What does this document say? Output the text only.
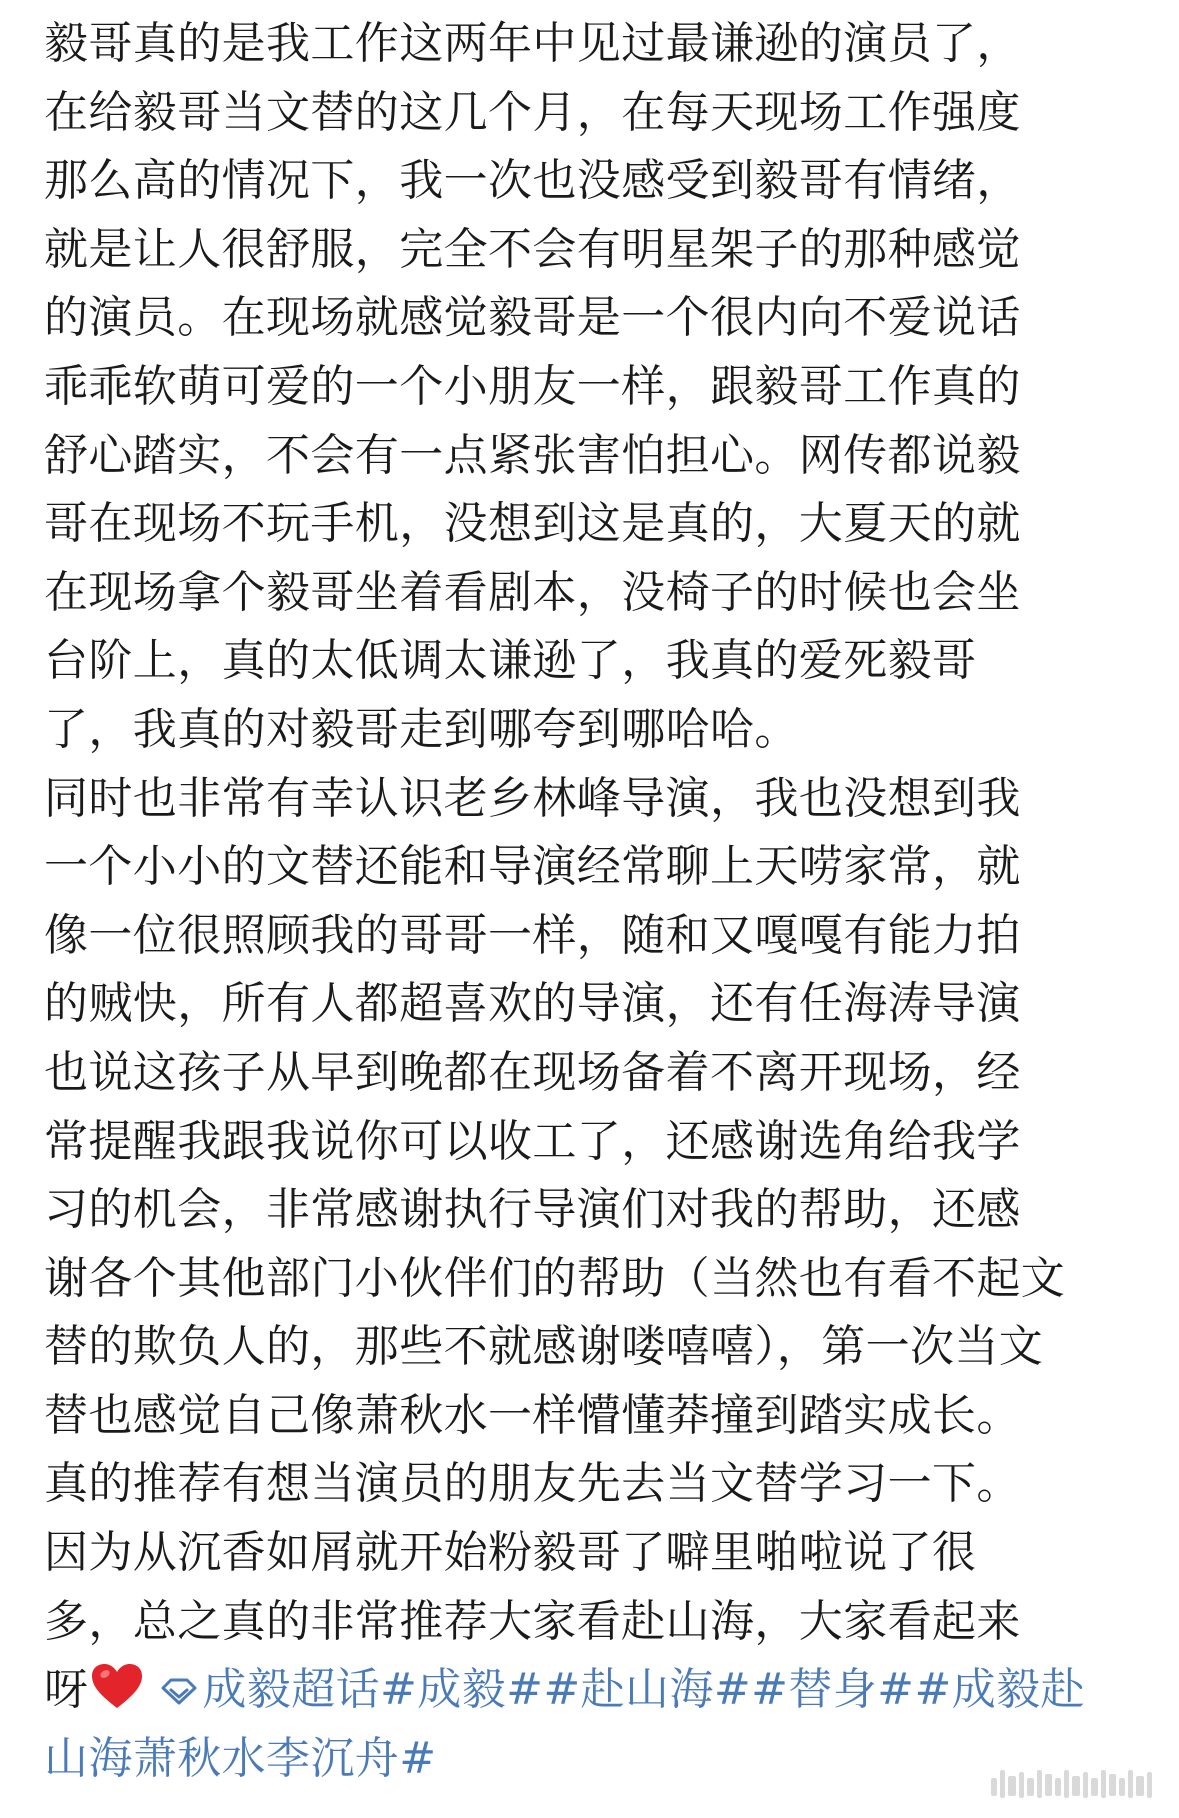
毅哥真的是我工作这两年中见过最谦逊的演员了，
在给毅哥当文替的这几个月，在每天现场工作强度
那么高的情况下，我一次也没感受到毅哥有情绪，
就是让人很舒服，完全不会有明星架子的那种感觉
的演员。在现场就感觉毅哥是一个很内向不爱说话
乖乖软萌可爱的一个小朋友一样，跟毅哥工作真的
舒心踏实，不会有一点紧张害怕担心。网传都说毅
哥在现场不玩手机，没想到这是真的，大夏天的就
在现场拿个毅哥坐着看剧本，没椅子的时候也会坐
台阶上，真的太低调太谦逊了，我真的爱死毅哥
了，我真的对毅哥走到哪夸到哪哈哈。
同时也非常有幸认识老乡林峰导演，我也没想到我
一个小小的文替还能和导演经常聊上天唠家常，就
像一位很照顾我的哥哥一样，随和又嘎嘎有能力拍
的贼快，所有人都超喜欢的导演，还有任海涛导演
也说这孩子从早到晚都在现场备着不离开现场，经
常提醒我跟我说你可以收工了，还感谢选角给我学
习的机会，非常感谢执行导演们对我的帮助，还感
谢各个其他部门小伙伴们的帮助（当然也有看不起文
替的欺负人的，那些不就感谢喽嘻嘻），第一次当文
替也感觉自己像萧秋水一样懵懂莽撞到踏实成长。
真的推荐有想当演员的朋友先去当文替学习一下。
因为从沉香如屑就开始粉毅哥了噼里啪啦说了很
多，总之真的非常推荐大家看赴山海，大家看起来
呀	成毅超话#成毅##赴山海##替身##成毅赴
山海萧秋水李沉舟#
